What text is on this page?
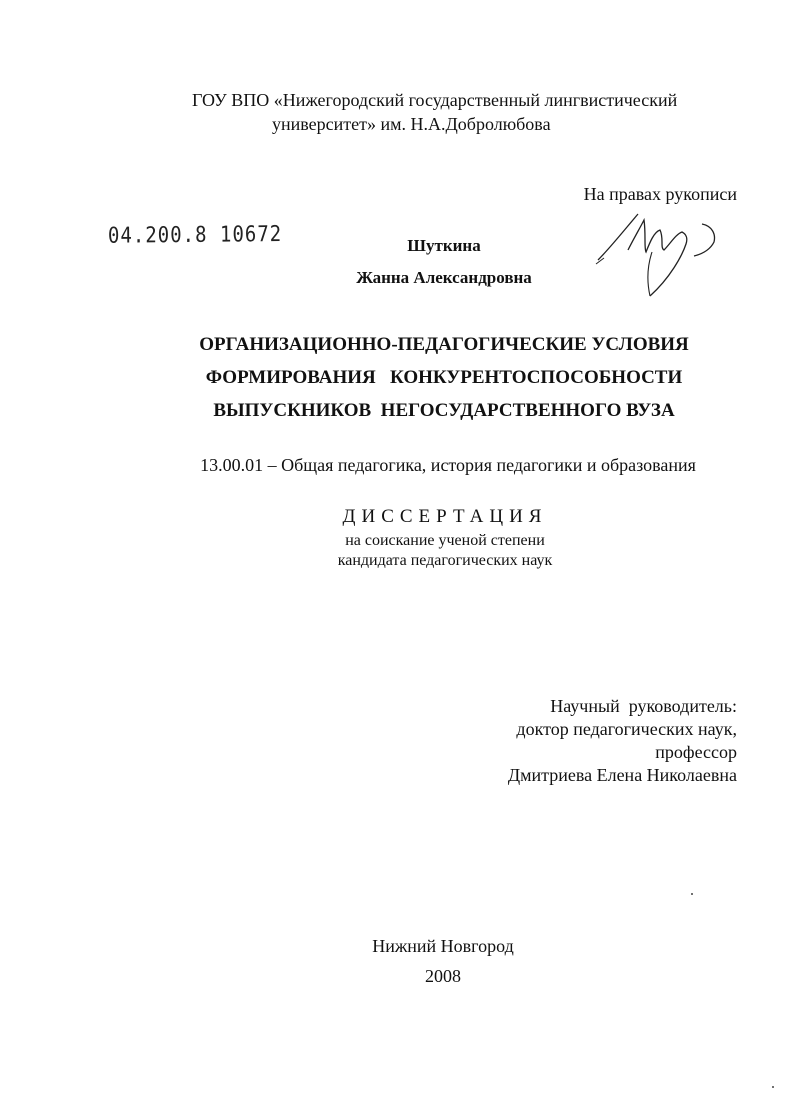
ГОУ ВПО «Нижегородский государственный лингвистический
университет» им. Н.А.Добролюбова
На правах рукописи
04.200.8 10672	Шуткина
Жанна Александровна
ОРГАНИЗАЦИОННО-ПЕДАГОГИЧЕСКИЕ УСЛОВИЯ
ФОРМИРОВАНИЯ   КОНКУРЕНТОСПОСОБНОСТИ
ВЫПУСКНИКОВ  НЕГОСУДАРСТВЕННОГО ВУЗА
13.00.01 – Общая педагогика, история педагогики и образования
ДИССЕРТАЦИЯ
на соискание ученой степени
кандидата педагогических наук
Научный  руководитель:
доктор педагогических наук,
профессор
Дмитриева Елена Николаевна
Нижний Новгород
2008
